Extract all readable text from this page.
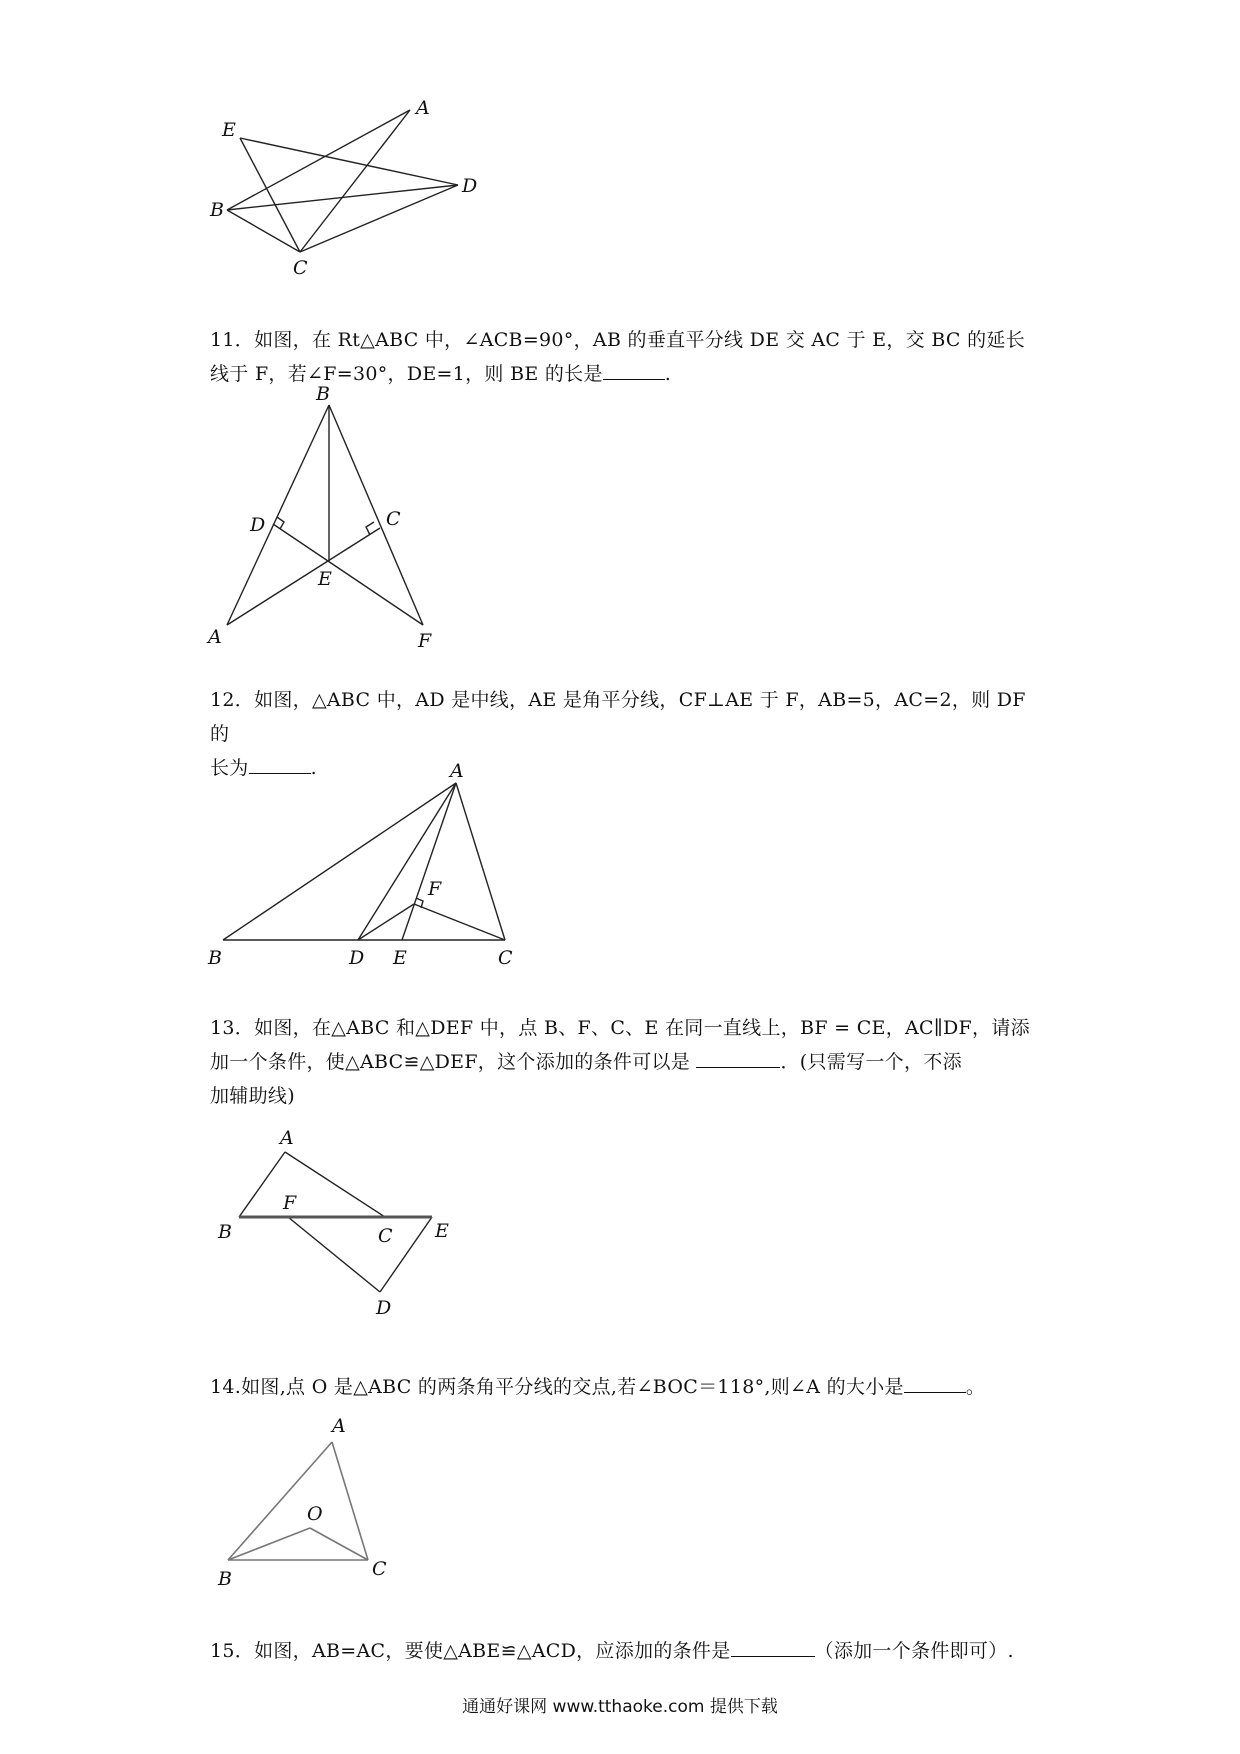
A
B
C
D
E
11．如图，在 Rt△ABC 中，∠ACB=90°，AB 的垂直平分线 DE 交 AC 于 E，交 BC 的延长
线于 F，若∠F=30°，DE=1，则 BE 的长是	.
B
D	C
E
A	F
12．如图，△ABC 中，AD 是中线，AE 是角平分线，CF⊥AE 于 F，AB=5，AC=2，则 DF 的
长为	.	A
F
B	D E	C
13．如图，在△ABC 和△DEF 中，点 B、F、C、E 在同一直线上，BF = CE，AC∥DF，请添
加一个条件，使△ABC≌△DEF，这个添加的条件可以是	．(只需写一个，不添
加辅助线)
A
F
B	C E
D
14.如图,点 O 是△ABC 的两条角平分线的交点,若∠BOC＝118°,则∠A 的大小是	。
A
O
B	C
15．如图，AB=AC，要使△ABE≌△ACD，应添加的条件是	（添加一个条件即可）.
通通好课网 www.tthaoke.com 提供下载
